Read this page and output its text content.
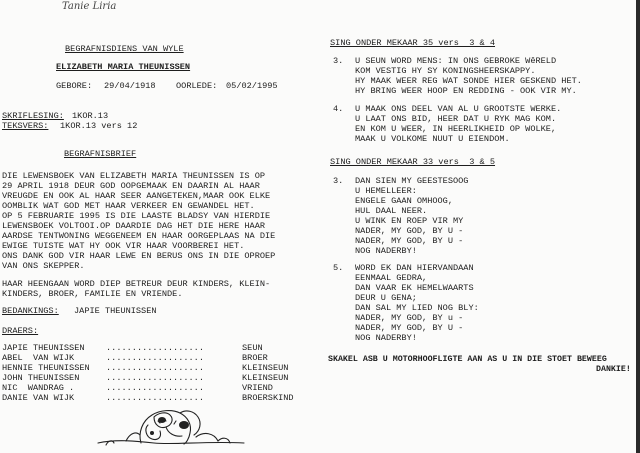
Tanie Liria
BEGRAFNISDIENS VAN WYLE
ELIZABETH MARIA THEUNISSEN
GEBORE: 29/04/1918 OORLEDE: 05/02/1995
SKRIFLESING: 1KOR.13
TEKSVERS: 1KOR.13 vers 12
BEGRAFNISBRIEF
DIE LEWENSBOEK VAN ELIZABETH MARIA THEUNISSEN IS OP
29 APRIL 1918 DEUR GOD OOPGEMAAK EN DAARIN AL HAAR
VREUGDE EN OOK AL HAAR SEER AANGETEKEN,MAAR OOK ELKE
OOMBLIK WAT GOD MET HAAR VERKEER EN GEWANDEL HET.
OP 5 FEBRUARIE 1995 IS DIE LAASTE BLADSY VAN HIERDIE
LEWENSBOEK VOLTOOI.OP DAARDIE DAG HET DIE HERE HAAR
AARDSE TENTWONING WEGGENEEM EN HAAR OORGEPLAAS NA DIE
EWIGE TUISTE WAT HY OOK VIR HAAR VOORBEREI HET.
ONS DANK GOD VIR HAAR LEWE EN BERUS ONS IN DIE OPROEP
VAN ONS SKEPPER.
HAAR HEENGAAN WORD DIEP BETREUR DEUR KINDERS, KLEIN-
KINDERS, BROER, FAMILIE EN VRIENDE.
BEDANKINGS: JAPIE THEUNISSEN
DRAERS:
JAPIE THEUNISSEN ...................	SEUN
ABEL  VAN WIJK	...................	BROER
HENNIE THEUNISSEN ...................	KLEINSEUN
JOHN THEUNISSEN	...................	KLEINSEUN
NIC  WANDRAG .	...................	VRIEND
DANIE VAN WIJK	...................	BROERSKIND
SING ONDER MEKAAR 35 vers  3 & 4
3. U SEUN WORD MENS: IN ONS GEBROKE WêRELD
KOM VESTIG HY SY KONINGSHEERSKAPPY.
HY MAAK WEER REG WAT SONDE HIER GESKEND HET.
HY BRING WEER HOOP EN REDDING - OOK VIR MY.
4. U MAAK ONS DEEL VAN AL U GROOTSTE WERKE.
U LAAT ONS BID, HEER DAT U RYK MAG KOM.
EN KOM U WEER, IN HEERLIKHEID OP WOLKE,
MAAK U VOLKOME NUUT U EIENDOM.
SING ONDER MEKAAR 33 vers  3 & 5
3. DAN SIEN MY GEESTESOOG
U HEMELLEER:
ENGELE GAAN OMHOOG,
HUL DAAL NEER.
U WINK EN ROEP VIR MY
NADER, MY GOD, BY U -
NADER, MY GOD, BY U -
NOG NADERBY!
5. WORD EK DAN HIERVANDAAN
EENMAAL GEDRA,
DAN VAAR EK HEMELWAARTS
DEUR U GENA;
DAN SAL MY LIED NOG BLY:
NADER, MY GOD, BY u -
NADER, MY GOD, BY U -
NOG NADERBY!
SKAKEL ASB U MOTORHOOFLIGTE AAN AS U IN DIE STOET BEWEEG
DANKIE!
